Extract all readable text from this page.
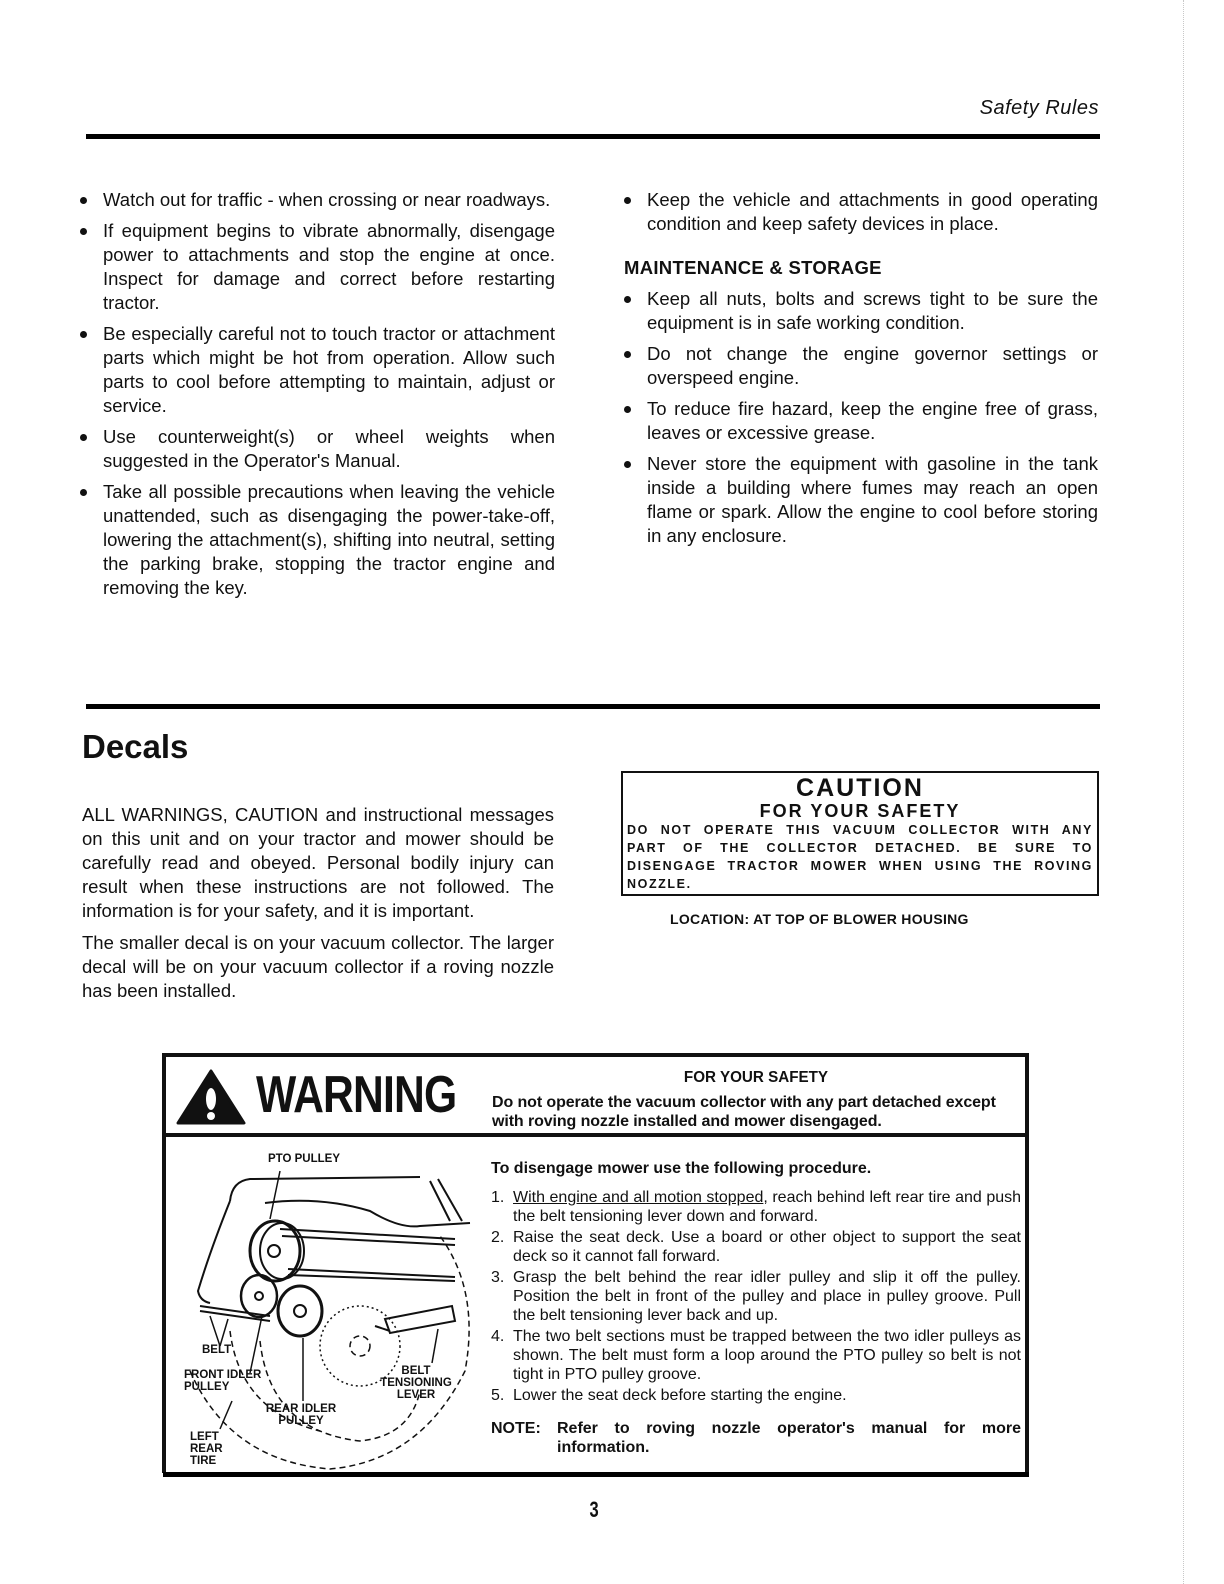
Safety Rules
Watch out for traffic - when crossing or near roadways.
If equipment begins to vibrate abnormally, disengage power to attachments and stop the engine at once. Inspect for damage and correct before restarting tractor.
Be especially careful not to touch tractor or attachment parts which might be hot from operation. Allow such parts to cool before attempting to maintain, adjust or service.
Use counterweight(s) or wheel weights when suggested in the Operator's Manual.
Take all possible precautions when leaving the vehicle unattended, such as disengaging the power-take-off, lowering the attachment(s), shifting into neutral, setting the parking brake, stopping the tractor engine and removing the key.
Keep the vehicle and attachments in good operating condition and keep safety devices in place.
MAINTENANCE & STORAGE
Keep all nuts, bolts and screws tight to be sure the equipment is in safe working condition.
Do not change the engine governor settings or overspeed engine.
To reduce fire hazard, keep the engine free of grass, leaves or excessive grease.
Never store the equipment with gasoline in the tank inside a building where fumes may reach an open flame or spark. Allow the engine to cool before storing in any enclosure.
Decals

ALL WARNINGS, CAUTION and instructional messages on this unit and on your tractor and mower should be carefully read and obeyed. Personal bodily injury can result when these instructions are not followed. The information is for your safety, and it is important.

The smaller decal is on your vacuum collector. The larger decal will be on your vacuum collector if a roving nozzle has been installed.

CAUTION
FOR YOUR SAFETY
DO NOT OPERATE THIS VACUUM COLLECTOR WITH ANY PART OF THE COLLECTOR DETACHED. BE SURE TO DISENGAGE TRACTOR MOWER WHEN USING THE ROVING NOZZLE.
LOCATION: AT TOP OF BLOWER HOUSING
WARNING	FOR YOUR SAFETY
Do not operate the vacuum collector with any part detached except with roving nozzle installed and mower disengaged.
PTO PULLEY
BELT
FRONT IDLER PULLEY
REAR IDLER PULLEY
BELT TENSIONING LEVER
LEFT REAR TIRE
To disengage mower use the following procedure.
1. With engine and all motion stopped, reach behind left rear tire and push the belt tensioning lever down and forward.
2. Raise the seat deck. Use a board or other object to support the seat deck so it cannot fall forward.
3. Grasp the belt behind the rear idler pulley and slip it off the pulley. Position the belt in front of the pulley and place in pulley groove. Pull the belt tensioning lever back and up.
4. The two belt sections must be trapped between the two idler pulleys as shown. The belt must form a loop around the PTO pulley so belt is not tight in PTO pulley groove.
5. Lower the seat deck before starting the engine.
NOTE:	Refer to roving nozzle operator's manual for more information.
3
